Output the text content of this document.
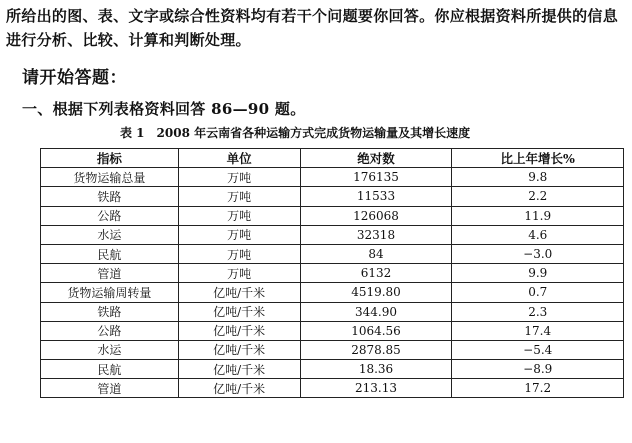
所给出的图、表、文字或综合性资料均有若干个问题要你回答。你应根据资料所提供的信息进行分析、比较、计算和判断处理。
请开始答题：
一、根据下列表格资料回答 86—90 题。
表 1　2008 年云南省各种运输方式完成货物运输量及其增长速度
指标	单位	绝对数	比上年增长%
货物运输总量	万吨	176135	9.8
铁路	万吨	11533	2.2
公路	万吨	126068	11.9
水运	万吨	32318	4.6
民航	万吨	84	−3.0
管道	万吨	6132	9.9
货物运输周转量	亿吨/千米	4519.80	0.7
铁路	亿吨/千米	344.90	2.3
公路	亿吨/千米	1064.56	17.4
水运	亿吨/千米	2878.85	−5.4
民航	亿吨/千米	18.36	−8.9
管道	亿吨/千米	213.13	17.2
